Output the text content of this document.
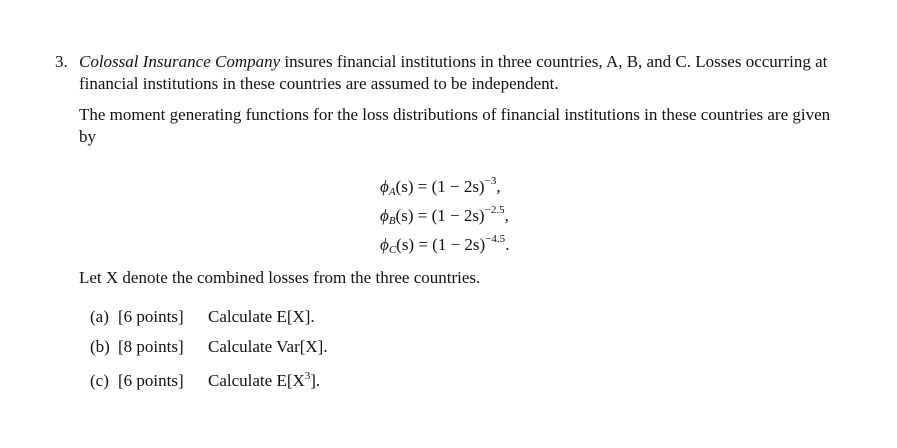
3. Colossal Insurance Company insures financial institutions in three countries, A, B, and C. Losses occurring at financial institutions in these countries are assumed to be independent.
The moment generating functions for the loss distributions of financial institutions in these countries are given by
$\phi_A(s) = (1 - 2s)^{-3}$,
$\phi_B(s) = (1 - 2s)^{-2.5}$,
$\phi_C(s) = (1 - 2s)^{-4.5}$.
Let X denote the combined losses from the three countries.
(a) [6 points] Calculate E[X].
(b) [8 points] Calculate Var[X].
(c) [6 points] Calculate $E[X^3]$.
